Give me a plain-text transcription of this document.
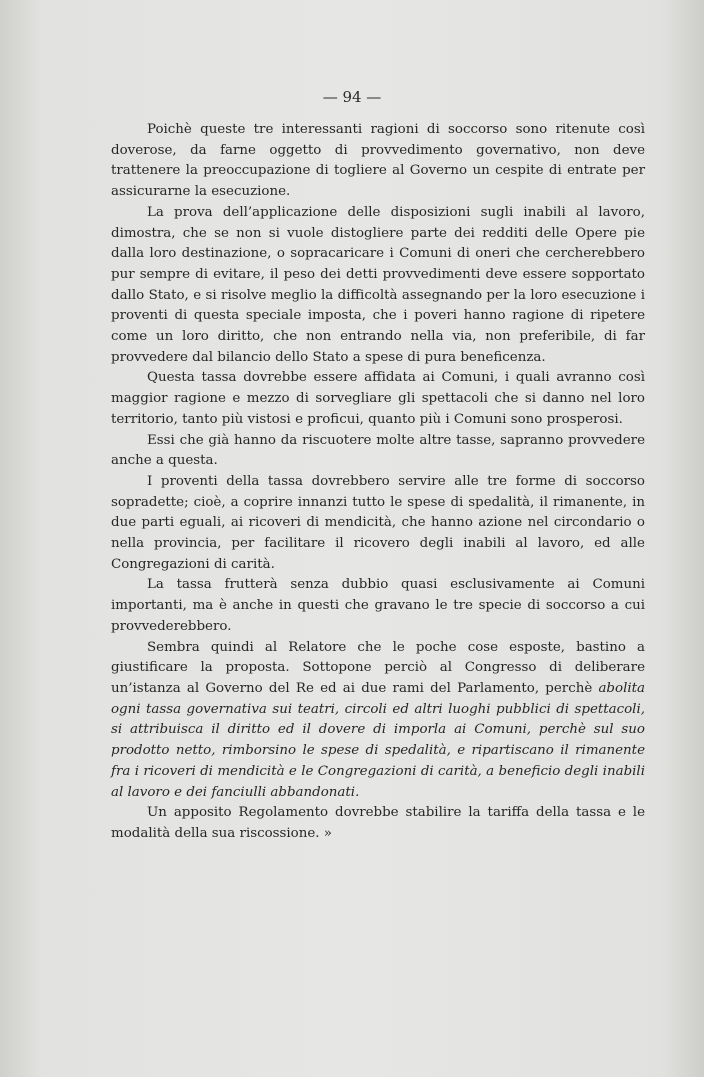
— 94 —

Poichè queste tre interessanti ragioni di soccorso sono ritenute così doverose, da farne oggetto di provvedimento governativo, non deve trattenere la preoccupazione di togliere al Governo un cespite di entrate per assicurarne la esecuzione.

La prova dell’applicazione delle disposizioni sugli inabili al lavoro, dimostra, che se non si vuole distogliere parte dei redditi delle Opere pie dalla loro destinazione, o sopracaricare i Comuni di oneri che cercherebbero pur sempre di evitare, il peso dei detti provvedimenti deve essere sopportato dallo Stato, e si risolve meglio la difficoltà assegnando per la loro esecuzione i proventi di questa speciale imposta, che i poveri hanno ragione di ripetere come un loro diritto, che non entrando nella via, non preferibile, di far provvedere dal bilancio dello Stato a spese di pura beneficenza.

Questa tassa dovrebbe essere affidata ai Comuni, i quali avranno così maggior ragione e mezzo di sorvegliare gli spettacoli che si danno nel loro territorio, tanto più vistosi e proficui, quanto più i Comuni sono prosperosi.

Essi che già hanno da riscuotere molte altre tasse, sapranno provvedere anche a questa.

I proventi della tassa dovrebbero servire alle tre forme di soccorso sopradette; cioè, a coprire innanzi tutto le spese di spedalità, il rimanente, in due parti eguali, ai ricoveri di mendicità, che hanno azione nel circondario o nella provincia, per facilitare il ricovero degli inabili al lavoro, ed alle Congregazioni di carità.

La tassa frutterà senza dubbio quasi esclusivamente ai Comuni importanti, ma è anche in questi che gravano le tre specie di soccorso a cui provvederebbero.

Sembra quindi al Relatore che le poche cose esposte, bastino a giustificare la proposta. Sottopone perciò al Congresso di deliberare un’istanza al Governo del Re ed ai due rami del Parlamento, perchè abolita ogni tassa governativa sui teatri, circoli ed altri luoghi pubblici di spettacoli, si attribuisca il diritto ed il dovere di imporla ai Comuni, perchè sul suo prodotto netto, rimborsino le spese di spedalità, e ripartiscano il rimanente fra i ricoveri di mendicità e le Congregazioni di carità, a beneficio degli inabili al lavoro e dei fanciulli abbandonati.

Un apposito Regolamento dovrebbe stabilire la tariffa della tassa e le modalità della sua riscossione. »
